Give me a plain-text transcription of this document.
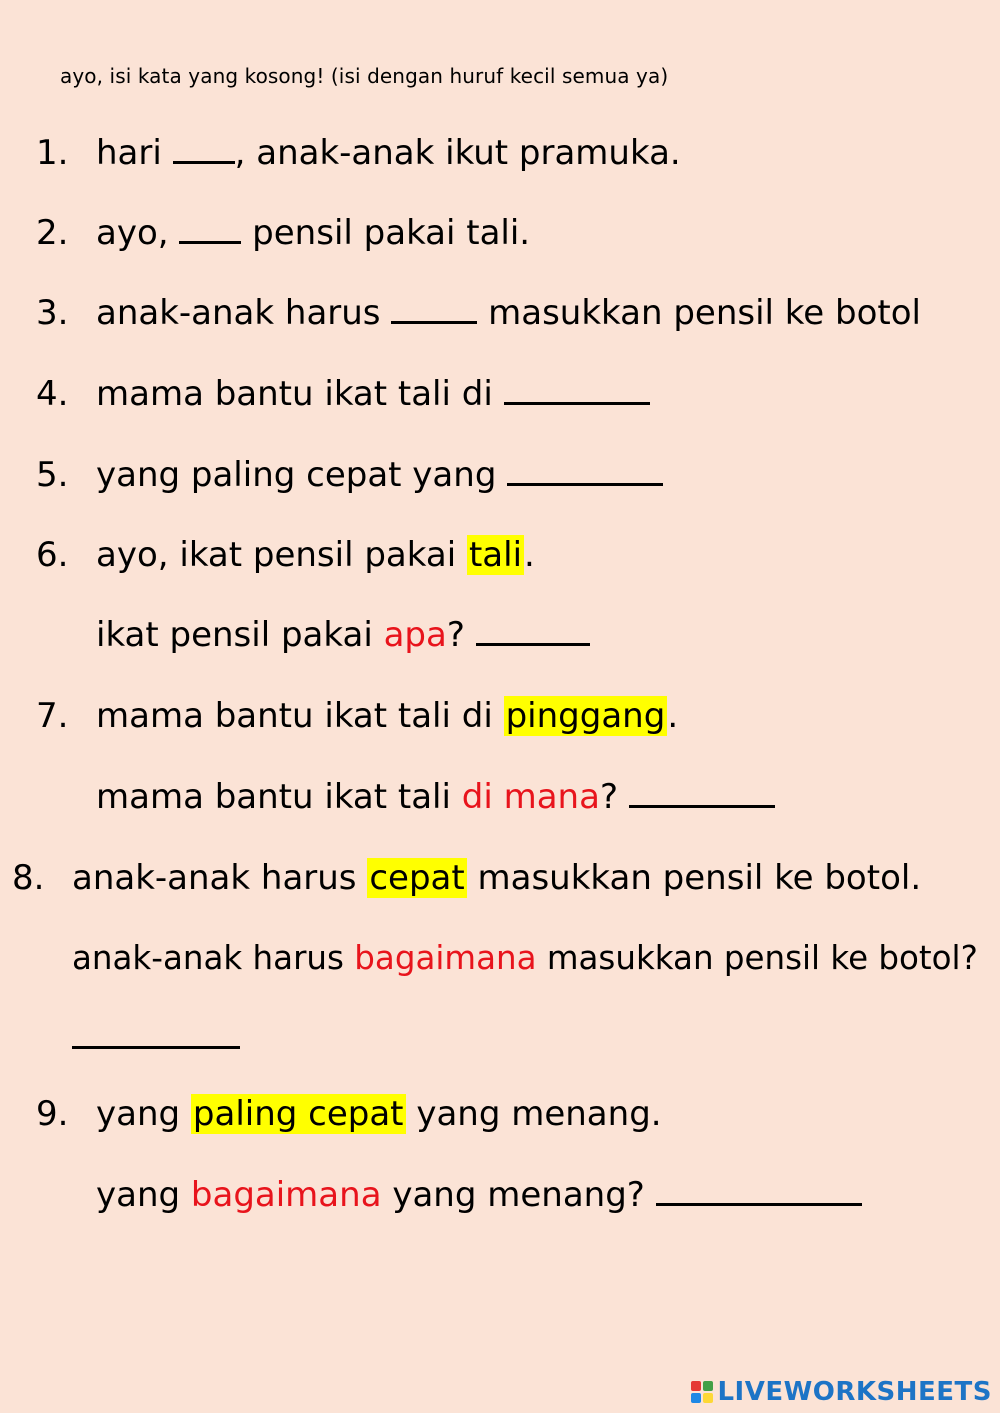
ayo, isi kata yang kosong! (isi dengan huruf kecil semua ya)
1. hari , anak-anak ikut pramuka.
2. ayo,  pensil pakai tali.
3. anak-anak harus	masukkan pensil ke botol
4. mama bantu ikat tali di
5. yang paling cepat yang
6. ayo, ikat pensil pakai tali.
ikat pensil pakai apa?
7. mama bantu ikat tali di pinggang.
mama bantu ikat tali di mana?
8. anak-anak harus cepat masukkan pensil ke botol.
anak-anak harus bagaimana masukkan pensil ke botol?
9. yang paling cepat yang menang.
yang bagaimana yang menang?
LIVEWORKSHEETS
